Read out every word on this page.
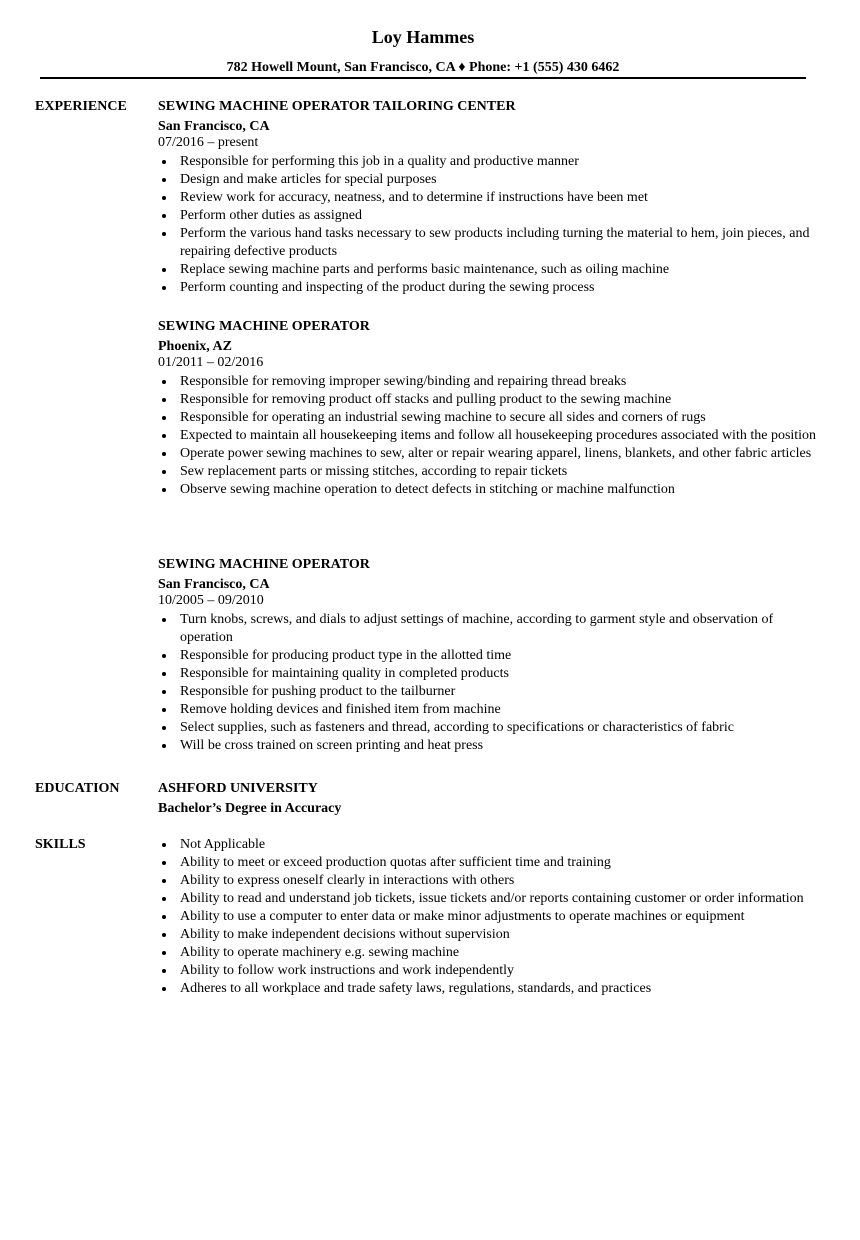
Loy Hammes
782 Howell Mount, San Francisco, CA ♦ Phone: +1 (555) 430 6462
EXPERIENCE SEWING MACHINE OPERATOR TAILORING CENTER
San Francisco, CA
07/2016 – present
Responsible for performing this job in a quality and productive manner
Design and make articles for special purposes
Review work for accuracy, neatness, and to determine if instructions have been met
Perform other duties as assigned
Perform the various hand tasks necessary to sew products including turning the material to hem, join pieces, and repairing defective products
Replace sewing machine parts and performs basic maintenance, such as oiling machine
Perform counting and inspecting of the product during the sewing process
SEWING MACHINE OPERATOR
Phoenix, AZ
01/2011 – 02/2016
Responsible for removing improper sewing/binding and repairing thread breaks
Responsible for removing product off stacks and pulling product to the sewing machine
Responsible for operating an industrial sewing machine to secure all sides and corners of rugs
Expected to maintain all housekeeping items and follow all housekeeping procedures associated with the position
Operate power sewing machines to sew, alter or repair wearing apparel, linens, blankets, and other fabric articles
Sew replacement parts or missing stitches, according to repair tickets
Observe sewing machine operation to detect defects in stitching or machine malfunction
SEWING MACHINE OPERATOR
San Francisco, CA
10/2005 – 09/2010
Turn knobs, screws, and dials to adjust settings of machine, according to garment style and observation of operation
Responsible for producing product type in the allotted time
Responsible for maintaining quality in completed products
Responsible for pushing product to the tailburner
Remove holding devices and finished item from machine
Select supplies, such as fasteners and thread, according to specifications or characteristics of fabric
Will be cross trained on screen printing and heat press
EDUCATION	ASHFORD UNIVERSITY
Bachelor’s Degree in Accuracy
SKILLS	Not Applicable
Ability to meet or exceed production quotas after sufficient time and training
Ability to express oneself clearly in interactions with others
Ability to read and understand job tickets, issue tickets and/or reports containing customer or order information
Ability to use a computer to enter data or make minor adjustments to operate machines or equipment
Ability to make independent decisions without supervision
Ability to operate machinery e.g. sewing machine
Ability to follow work instructions and work independently
Adheres to all workplace and trade safety laws, regulations, standards, and practices
